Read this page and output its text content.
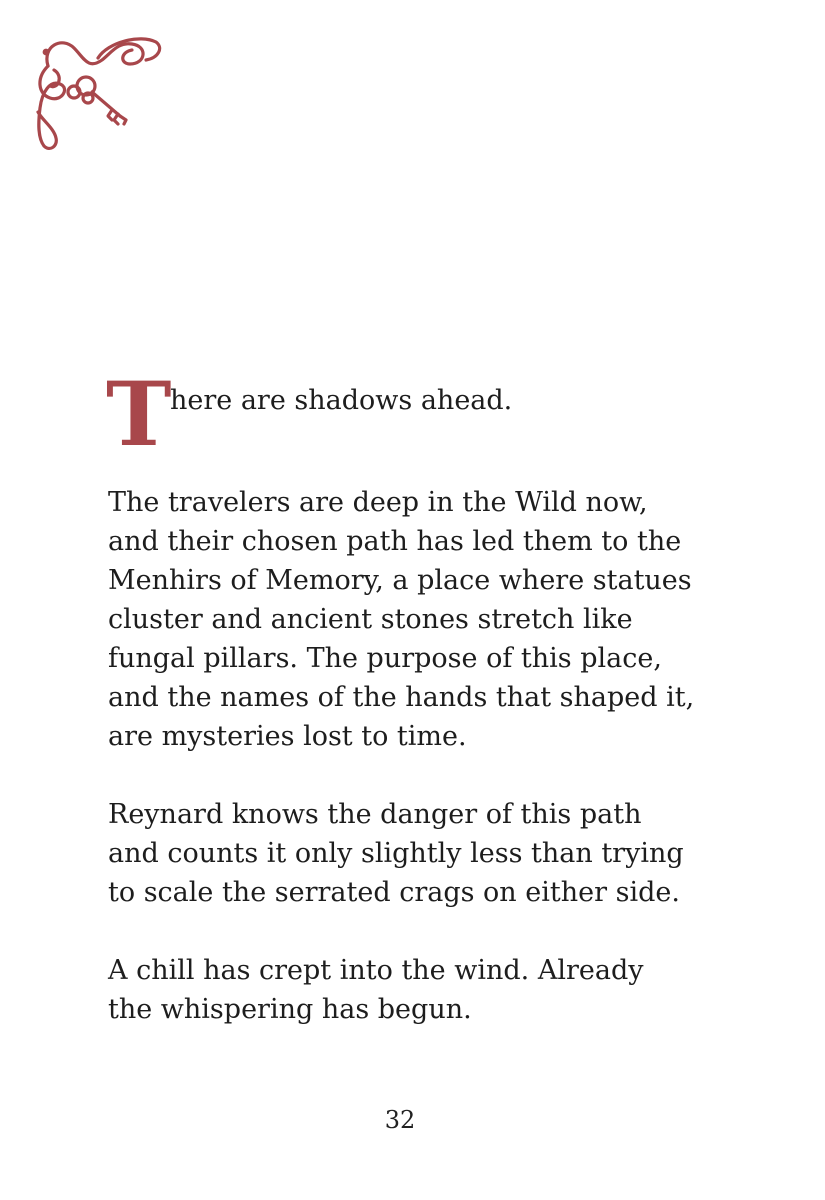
T
here are shadows ahead.

The travelers are deep in the Wild now,
and their chosen path has led them to the
Menhirs of Memory, a place where statues
cluster and ancient stones stretch like
fungal pillars. The purpose of this place,
and the names of the hands that shaped it,
are mysteries lost to time.

Reynard knows the danger of this path
and counts it only slightly less than trying
to scale the serrated crags on either side.

A chill has crept into the wind. Already
the whispering has begun.

32
